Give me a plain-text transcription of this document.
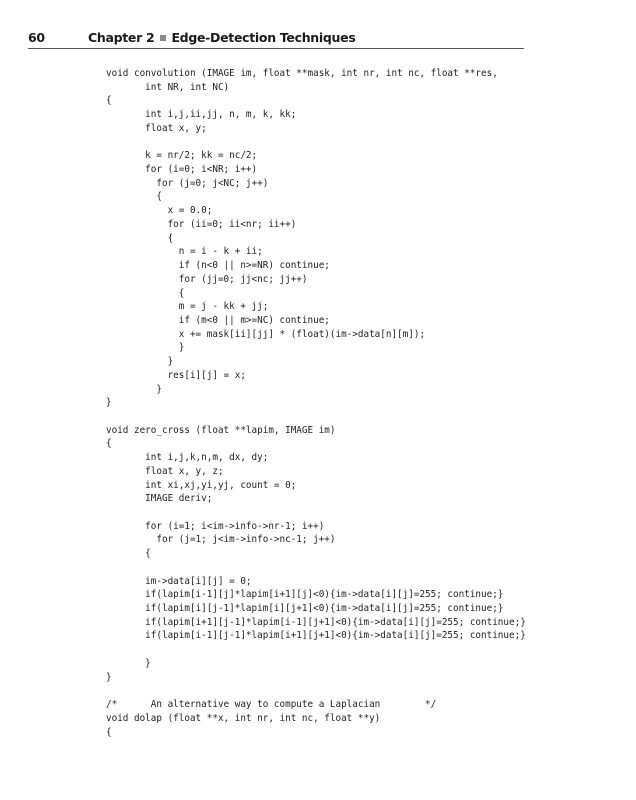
60	Chapter 2 Edge-Detection Techniques
void convolution (IMAGE im, float **mask, int nr, int nc, float **res,
int NR, int NC)
{
int i,j,ii,jj, n, m, k, kk;
float x, y;
k = nr/2; kk = nc/2;
for (i=0; i<NR; i++)
for (j=0; j<NC; j++)
{
x = 0.0;
for (ii=0; ii<nr; ii++)
{
n = i - k + ii;
if (n<0 || n>=NR) continue;
for (jj=0; jj<nc; jj++)
{
m = j - kk + jj;
if (m<0 || m>=NC) continue;
x += mask[ii][jj] * (float)(im->data[n][m]);
}
}
res[i][j] = x;
}
}
void zero_cross (float **lapim, IMAGE im)
{
int i,j,k,n,m, dx, dy;
float x, y, z;
int xi,xj,yi,yj, count = 0;
IMAGE deriv;
for (i=1; i<im->info->nr-1; i++)
for (j=1; j<im->info->nc-1; j++)
{
im->data[i][j] = 0;
if(lapim[i-1][j]*lapim[i+1][j]<0){im->data[i][j]=255; continue;}
if(lapim[i][j-1]*lapim[i][j+1]<0){im->data[i][j]=255; continue;}
if(lapim[i+1][j-1]*lapim[i-1][j+1]<0){im->data[i][j]=255; continue;}
if(lapim[i-1][j-1]*lapim[i+1][j+1]<0){im->data[i][j]=255; continue;}
}
}
/*      An alternative way to compute a Laplacian        */
void dolap (float **x, int nr, int nc, float **y)
{
